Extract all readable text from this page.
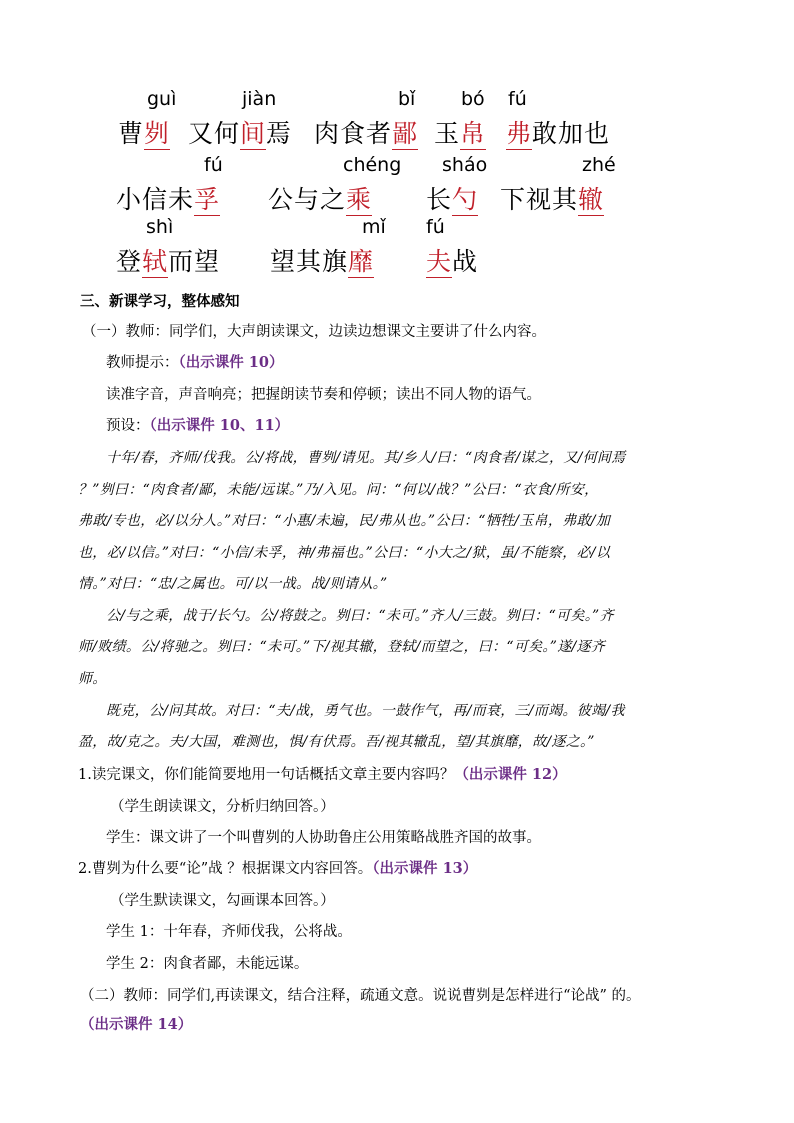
guì	jiàn	bǐ bó fú
曹刿 又何间焉 肉食者鄙 玉帛 弗敢加也
fú	chéng sháo	zhé
小信未孚 公与之乘 长勺 下视其辙
shì	mǐ fú
登轼而望 望其旗靡 夫战
三、新课学习，整体感知
（一）教师：同学们，大声朗读课文，边读边想课文主要讲了什么内容。
教师提示：（出示课件 10）
读准字音，声音响亮；把握朗读节奏和停顿；读出不同人物的语气。
预设：（出示课件 10、11）
十年/春，齐师/伐我。公/将战，曹刿/请见。其/乡人/曰：“肉食者/谋之，又/何间焉
？”刿曰：“肉食者/鄙，未能/远谋。”乃/入见。问：“何以/战？”公曰：“衣食/所安，
弗敢/专也，必/以分人。”对曰：“小惠/未遍，民/弗从也。”公曰：“牺牲/玉帛，弗敢/加
也，必/以信。”对曰：“小信/未孚，神/弗福也。”公曰：“小大之/狱，虽/不能察，必/以
情。”对曰：“忠/之属也。可/以一战。战/则请从。”
公/与之乘，战于/长勺。公/将鼓之。刿曰：“未可。”齐人/三鼓。刿曰：“可矣。”齐
师/败绩。公/将驰之。刿曰：“未可。”下/视其辙，登轼/而望之，曰：“可矣。”遂/逐齐
师。
既克，公/问其故。对曰：“夫/战，勇气也。一鼓作气，再/而衰，三/而竭。彼竭/我
盈，故/克之。夫/大国，难测也，惧/有伏焉。吾/视其辙乱，望/其旗靡，故/逐之。”
1.读完课文，你们能简要地用一句话概括文章主要内容吗？（出示课件 12）
（学生朗读课文，分析归纳回答。）
学生：课文讲了一个叫曹刿的人协助鲁庄公用策略战胜齐国的故事。
2.曹刿为什么要“论”战 ？根据课文内容回答。（出示课件 13）
（学生默读课文，勾画课本回答。）
学生 1：十年春，齐师伐我，公将战。
学生 2：肉食者鄙，未能远谋。
（二）教师：同学们,再读课文，结合注释，疏通文意。说说曹刿是怎样进行“论战” 的。
（出示课件 14）
